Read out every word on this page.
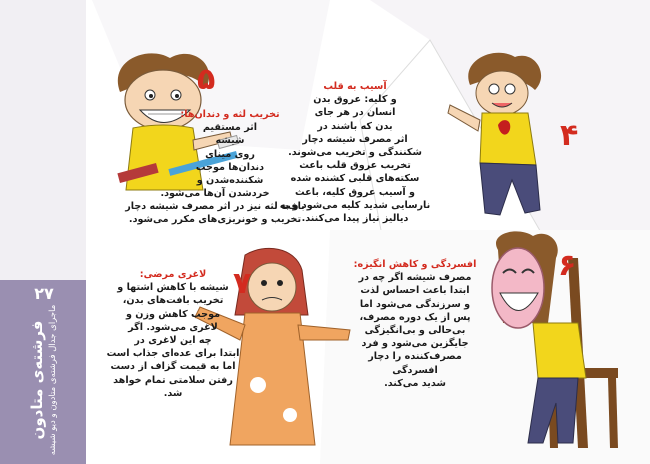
۲۷
فرشته‌ی متادون ماجرای جدال فرشته‌ی متادون و دیو شیشه
۵
تخریب لثه و دندان‌ها:
اثر مستقیم
شیشه
روی مینای
دندان‌ها موجب
شکننده‌شدن و
خردشدن آن‌ها می‌شود.
بافت لثه نیز در اثر مصرف شیشه دچار
تخریب و خونریزی‌های مکرر می‌شود.
۴
آسیب به قلب
و کلیه: عروق بدن
انسان در هر جای
بدن که باشند در
اثر مصرف شیشه دچار
شکنندگی و تخریب می‌شوند.
تخریب عروق قلب باعث
سکته‌های قلبی کشنده شده
و آسیب عروق کلیه، باعث
نارسایی شدید کلیه می‌شود و به
دیالیز نیاز پیدا می‌کنند.
۷
لاغری مرضی:
شیشه با کاهش اشتها و
تخریب بافت‌های بدن،
موجب کاهش وزن و
لاغری می‌شود. اگر
چه این لاغری در
ابتدا برای عده‌ای جذاب است
اما به قیمت گزاف از دست
رفتن سلامتی تمام خواهد
شد.
۶
افسردگی و کاهش انگیزه:
مصرف شیشه اگر چه در
ابتدا باعث احساس لذت
و سرزندگی می‌شود اما
پس از یک دوره مصرف،
بی‌حالی و بی‌انگیزگی
جایگزین می‌شود و فرد
مصرف‌کننده را دچار
افسردگی
شدید می‌کند.
